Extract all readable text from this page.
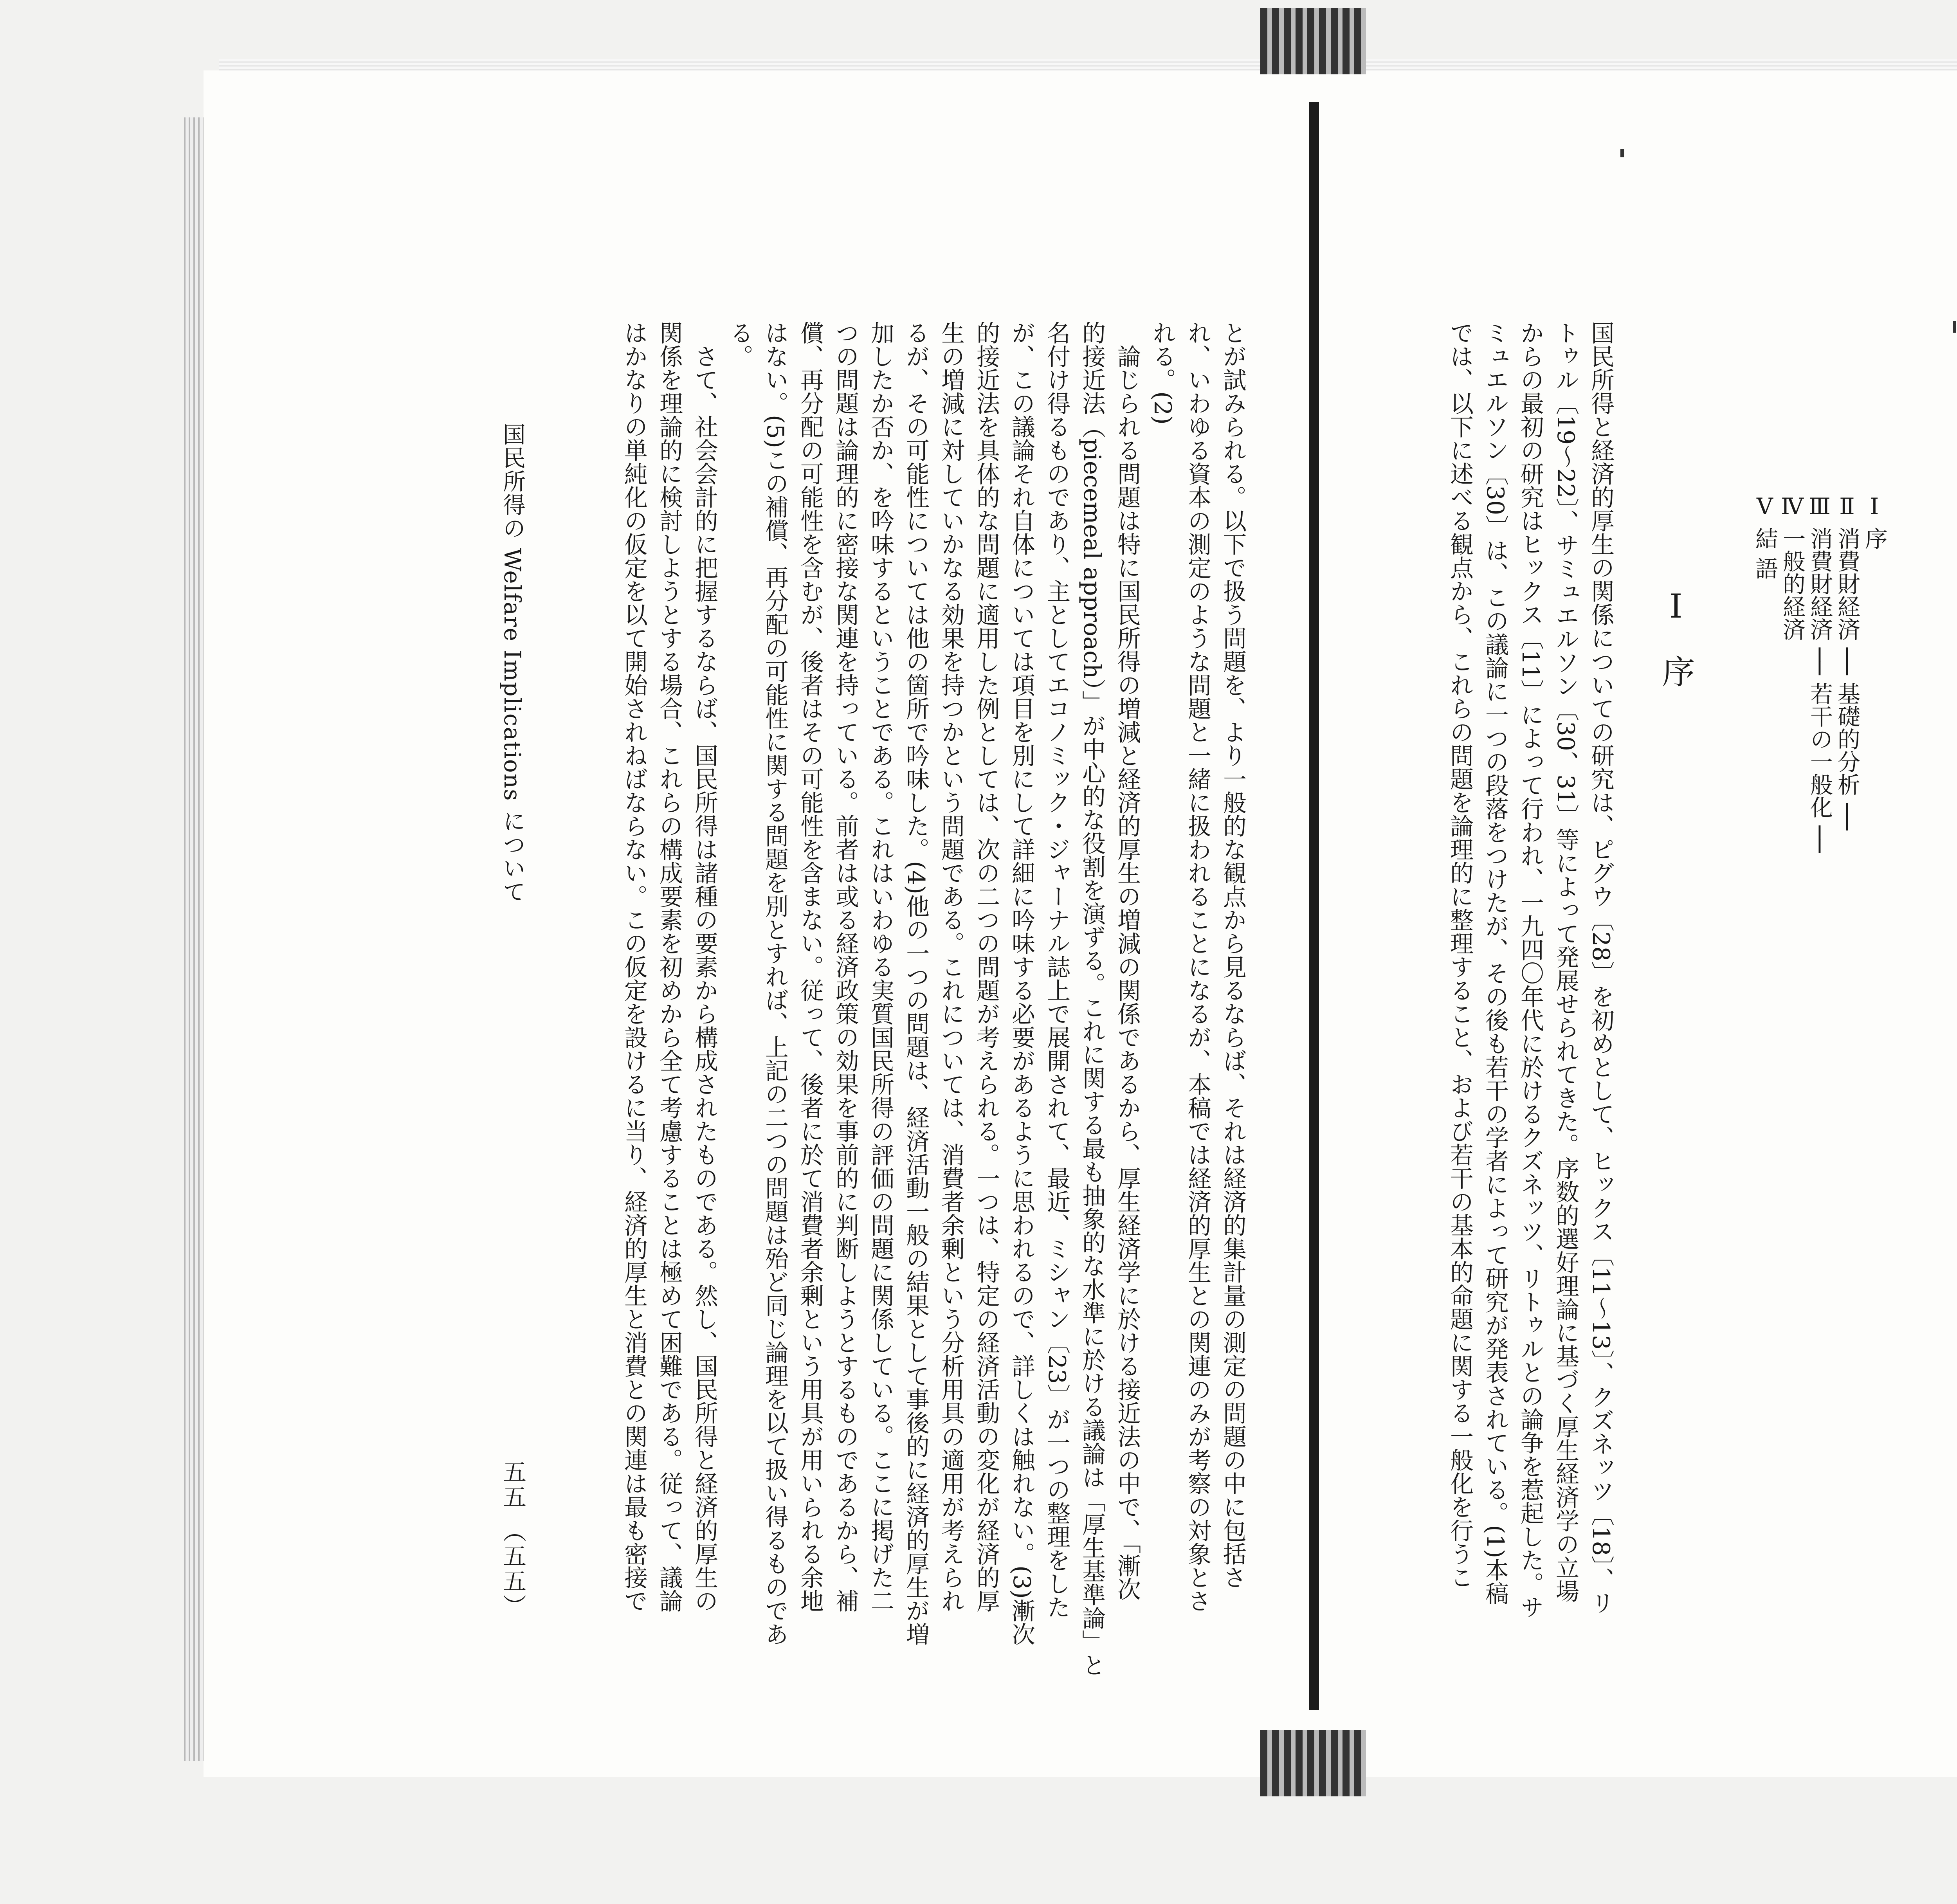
Ⅰ 序
Ⅱ 消費財経済 ── 基礎的分析 ──
Ⅲ 消費財経済 ── 若干の一般化 ──
Ⅳ 一般的経済
Ⅴ 結 語
Ⅰ 序
国民所得と経済的厚生の関係についての研究は、ピグウ〔28〕を初めとして、ヒックス〔11～13〕、クズネッツ〔18〕、リ
トゥル〔19～22〕、サミュエルソン〔30、31〕等によって発展せられてきた。序数的選好理論に基づく厚生経済学の立場
からの最初の研究はヒックス〔11〕によって行われ、一九四〇年代に於けるクズネッツ、リトゥルとの論争を惹起した。サ
ミュエルソン〔30〕は、この議論に一つの段落をつけたが、その後も若干の学者によって研究が発表されている。(1)本稿
では、以下に述べる観点から、これらの問題を論理的に整理すること、および若干の基本的命題に関する一般化を行うこ
とが試みられる。以下で扱う問題を、より一般的な観点から見るならば、それは経済的集計量の測定の問題の中に包括さ
れ、いわゆる資本の測定のような問題と一緒に扱われることになるが、本稿では経済的厚生との関連のみが考察の対象とさ
れる。(2)
論じられる問題は特に国民所得の増減と経済的厚生の増減の関係であるから、厚生経済学に於ける接近法の中で、「漸次
的接近法（piecemeal approach）」が中心的な役割を演ずる。これに関する最も抽象的な水準に於ける議論は「厚生基準論」と
名付け得るものであり、主としてエコノミック・ジャーナル誌上で展開されて、最近、ミシャン〔23〕が一つの整理をした
が、この議論それ自体については項目を別にして詳細に吟味する必要があるように思われるので、詳しくは触れない。(3)漸次
的接近法を具体的な問題に適用した例としては、次の二つの問題が考えられる。一つは、特定の経済活動の変化が経済的厚
生の増減に対していかなる効果を持つかという問題である。これについては、消費者余剰という分析用具の適用が考えられ
るが、その可能性については他の箇所で吟味した。(4)他の一つの問題は、経済活動一般の結果として事後的に経済的厚生が増
加したか否か、を吟味するということである。これはいわゆる実質国民所得の評価の問題に関係している。ここに掲げた二
つの問題は論理的に密接な関連を持っている。前者は或る経済政策の効果を事前的に判断しようとするものであるから、補
償、再分配の可能性を含むが、後者はその可能性を含まない。従って、後者に於て消費者余剰という用具が用いられる余地
はない。(5)この補償、再分配の可能性に関する問題を別とすれば、上記の二つの問題は殆ど同じ論理を以て扱い得るものであ
る。
さて、社会会計的に把握するならば、国民所得は諸種の要素から構成されたものである。然し、国民所得と経済的厚生の
関係を理論的に検討しようとする場合、これらの構成要素を初めから全て考慮することは極めて困難である。従って、議論
はかなりの単純化の仮定を以て開始されねばならない。この仮定を設けるに当り、経済的厚生と消費との関連は最も密接で
国民所得の Welfare Implications について
五五 （五五）
